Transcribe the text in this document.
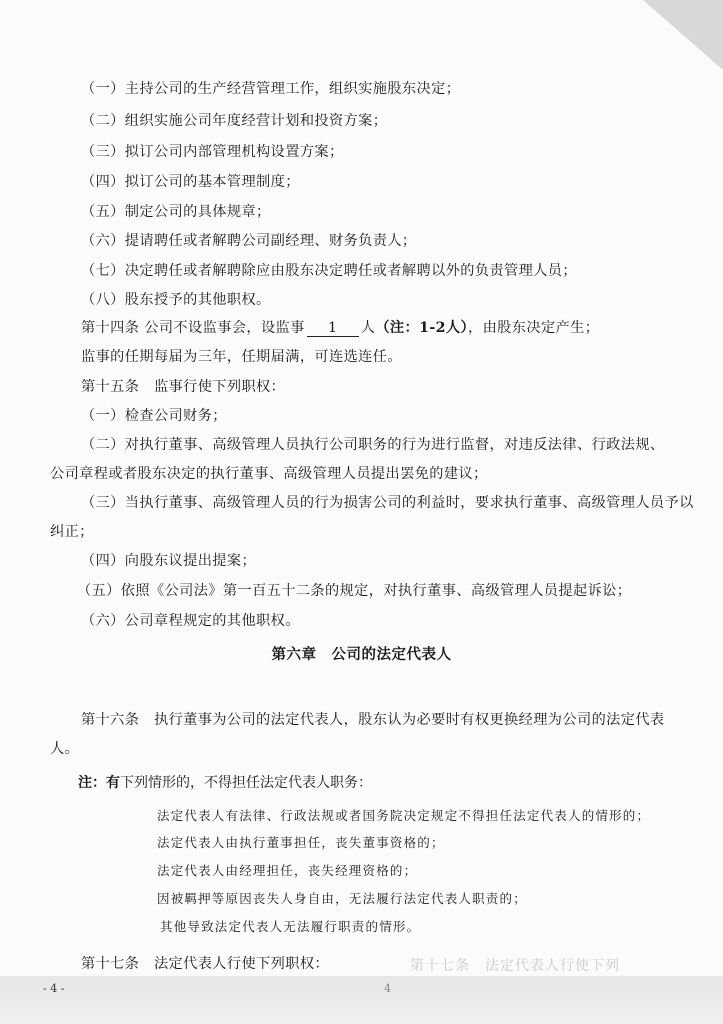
（一）主持公司的生产经营管理工作，组织实施股东决定；
（二）组织实施公司年度经营计划和投资方案；
（三）拟订公司内部管理机构设置方案；
（四）拟订公司的基本管理制度；
（五）制定公司的具体规章；
（六）提请聘任或者解聘公司副经理、财务负责人；
（七）决定聘任或者解聘除应由股东决定聘任或者解聘以外的负责管理人员；
（八）股东授予的其他职权。
第十四条 公司不设监事会，设监事 1 人（注：1-2人），由股东决定产生；
监事的任期每届为三年，任期届满，可连选连任。
第十五条　监事行使下列职权：
（一）检查公司财务；
（二）对执行董事、高级管理人员执行公司职务的行为进行监督，对违反法律、行政法规、
公司章程或者股东决定的执行董事、高级管理人员提出罢免的建议；
（三）当执行董事、高级管理人员的行为损害公司的利益时，要求执行董事、高级管理人员予以
纠正；
（四）向股东议提出提案；
（五）依照《公司法》第一百五十二条的规定，对执行董事、高级管理人员提起诉讼；
（六）公司章程规定的其他职权。
第六章　公司的法定代表人
第十六条　执行董事为公司的法定代表人，股东认为必要时有权更换经理为公司的法定代表
人。
注：有下列情形的，不得担任法定代表人职务：
法定代表人有法律、行政法规或者国务院决定规定不得担任法定代表人的情形的；
法定代表人由执行董事担任，丧失董事资格的；
法定代表人由经理担任，丧失经理资格的；
因被羁押等原因丧失人身自由，无法履行法定代表人职责的；
其他导致法定代表人无法履行职责的情形。
第十七条　法定代表人行使下列职权：	第十七条　法定代表人行使下列
- 4 -	4
